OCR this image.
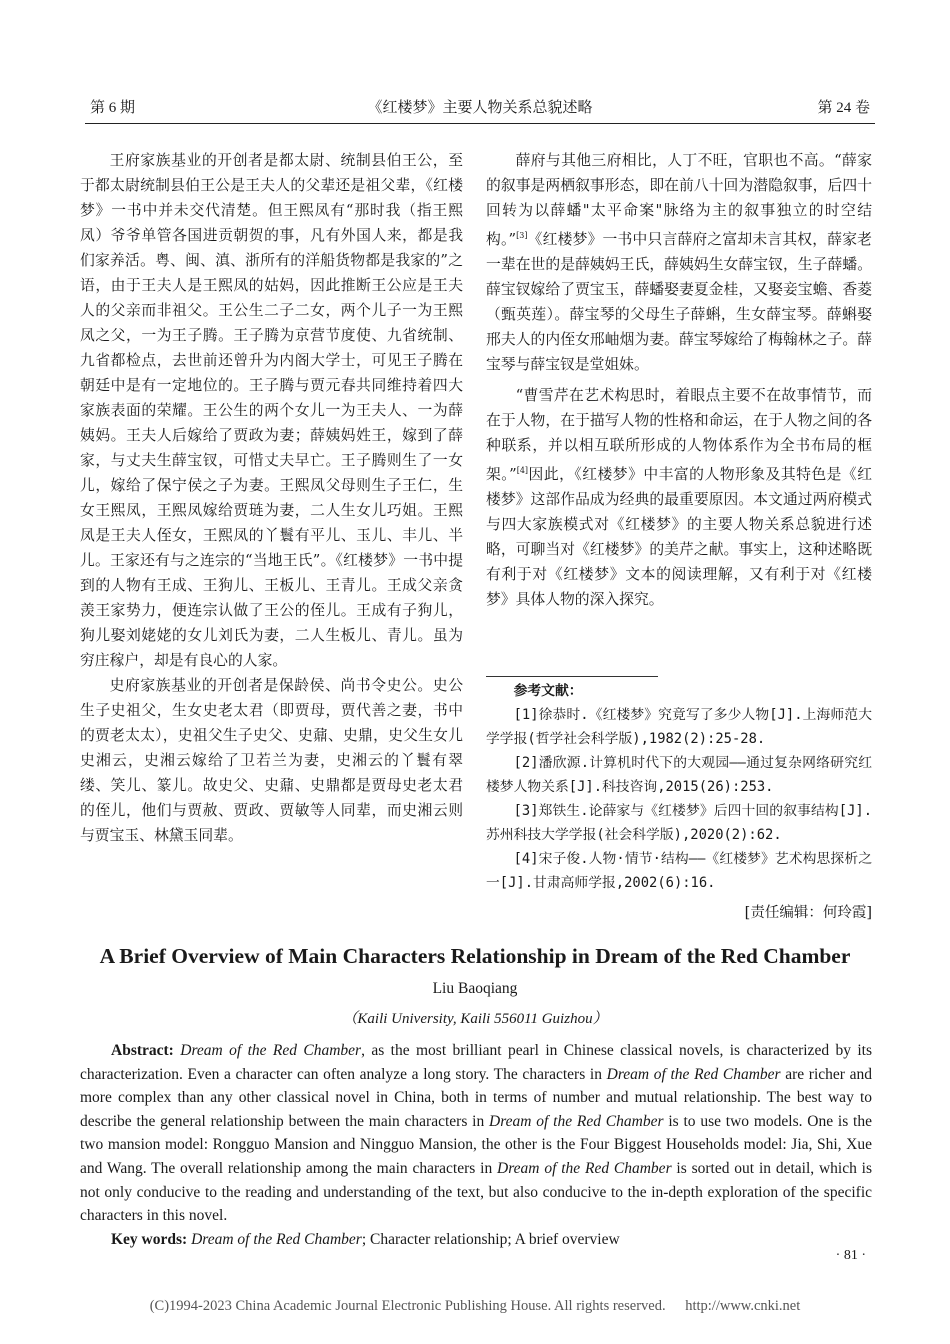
第 6 期	《红楼梦》主要人物关系总貌述略	第 24 卷

王府家族基业的开创者是都太尉、统制县伯王公，至于都太尉统制县伯王公是王夫人的父辈还是祖父辈，《红楼梦》一书中并未交代清楚。但王熙凤有“那时我（指王熙凤）爷爷单管各国进贡朝贺的事，凡有外国人来，都是我们家养活。粤、闽、滇、浙所有的洋船货物都是我家的”之语，由于王夫人是王熙凤的姑妈，因此推断王公应是王夫人的父亲而非祖父。王公生二子二女，两个儿子一为王熙凤之父，一为王子腾。王子腾为京营节度使、九省统制、九省都检点，去世前还曾升为内阁大学士，可见王子腾在朝廷中是有一定地位的。王子腾与贾元春共同维持着四大家族表面的荣耀。王公生的两个女儿一为王夫人、一为薛姨妈。王夫人后嫁给了贾政为妻；薛姨妈姓王，嫁到了薛家，与丈夫生薛宝钗，可惜丈夫早亡。王子腾则生了一女儿，嫁给了保宁侯之子为妻。王熙凤父母则生子王仁，生女王熙凤，王熙凤嫁给贾琏为妻，二人生女儿巧姐。王熙凤是王夫人侄女，王熙凤的丫鬟有平儿、玉儿、丰儿、半儿。王家还有与之连宗的“当地王氏”。《红楼梦》一书中提到的人物有王成、王狗儿、王板儿、王青儿。王成父亲贪羡王家势力，便连宗认做了王公的侄儿。王成有子狗儿，狗儿娶刘姥姥的女儿刘氏为妻，二人生板儿、青儿。虽为穷庄稼户，却是有良心的人家。

史府家族基业的开创者是保龄侯、尚书令史公。史公生子史祖父，生女史老太君（即贾母，贾代善之妻，书中的贾老太太），史祖父生子史父、史鼐、史鼎，史父生女儿史湘云，史湘云嫁给了卫若兰为妻，史湘云的丫鬟有翠缕、笑儿、篆儿。故史父、史鼐、史鼎都是贾母史老太君的侄儿，他们与贾赦、贾政、贾敏等人同辈，而史湘云则与贾宝玉、林黛玉同辈。

薛府与其他三府相比，人丁不旺，官职也不高。“薛家的叙事是两栖叙事形态，即在前八十回为潜隐叙事，后四十回转为以薛蟠"太平命案"脉络为主的叙事独立的时空结构。”[3]《红楼梦》一书中只言薛府之富却未言其权，薛家老一辈在世的是薛姨妈王氏，薛姨妈生女薛宝钗，生子薛蟠。薛宝钗嫁给了贾宝玉，薛蟠娶妻夏金桂，又娶妾宝蟾、香菱（甄英莲）。薛宝琴的父母生子薛蝌，生女薛宝琴。薛蝌娶邢夫人的内侄女邢岫烟为妻。薛宝琴嫁给了梅翰林之子。薛宝琴与薛宝钗是堂姐妹。

“曹雪芹在艺术构思时，着眼点主要不在故事情节，而在于人物，在于描写人物的性格和命运，在于人物之间的各种联系，并以相互联所形成的人物体系作为全书布局的框架。”[4]因此，《红楼梦》中丰富的人物形象及其特色是《红楼梦》这部作品成为经典的最重要原因。本文通过两府模式与四大家族模式对《红楼梦》的主要人物关系总貌进行述略，可聊当对《红楼梦》的美芹之献。事实上，这种述略既有利于对《红楼梦》文本的阅读理解，又有利于对《红楼梦》具体人物的深入探究。

参考文献：

[1]徐恭时.《红楼梦》究竟写了多少人物[J].上海师范大学学报(哲学社会科学版),1982(2):25-28.

[2]潘欣源.计算机时代下的大观园——通过复杂网络研究红楼梦人物关系[J].科技咨询,2015(26):253.

[3]郑铁生.论薛家与《红楼梦》后四十回的叙事结构[J].苏州科技大学学报(社会科学版),2020(2):62.

[4]宋子俊.人物·情节·结构——《红楼梦》艺术构思探析之一[J].甘肃高师学报,2002(6):16.

[责任编辑：何玲霞]
A Brief Overview of Main Characters Relationship in Dream of the Red Chamber
Liu Baoqiang
（Kaili University, Kaili 556011 Guizhou）

Abstract: Dream of the Red Chamber, as the most brilliant pearl in Chinese classical novels, is characterized by its characterization. Even a character can often analyze a long story. The characters in Dream of the Red Chamber are richer and more complex than any other classical novel in China, both in terms of number and mutual relationship. The best way to describe the general relationship between the main characters in Dream of the Red Chamber is to use two models. One is the two mansion model: Rongguo Mansion and Ningguo Mansion, the other is the Four Biggest Households model: Jia, Shi, Xue and Wang. The overall relationship among the main characters in Dream of the Red Chamber is sorted out in detail, which is not only conducive to the reading and understanding of the text, but also conducive to the in-depth exploration of the specific characters in this novel.

Key words: Dream of the Red Chamber; Character relationship; A brief overview

· 81 ·
(C)1994-2023 China Academic Journal Electronic Publishing House. All rights reserved. http://www.cnki.net
